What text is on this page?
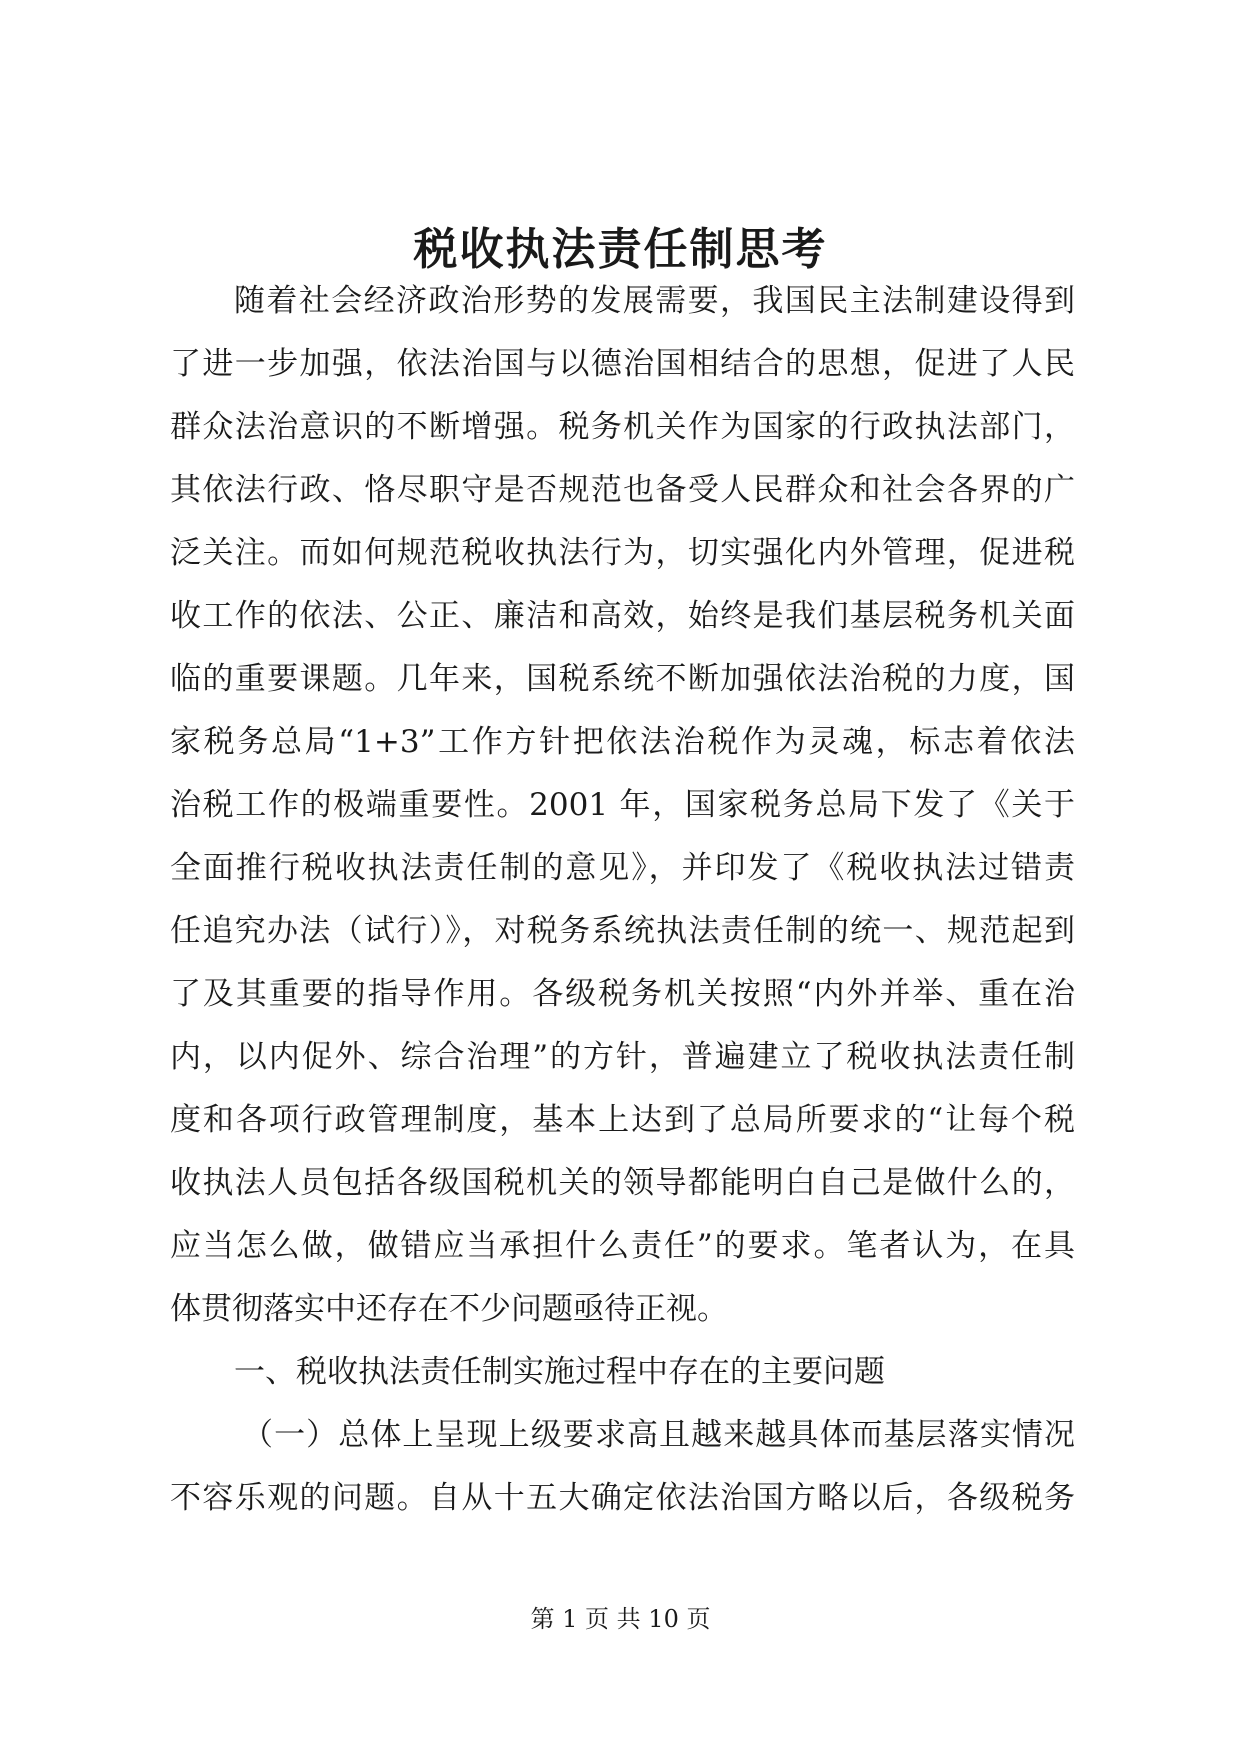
税收执法责任制思考
随着社会经济政治形势的发展需要，我国民主法制建设得到
了进一步加强，依法治国与以德治国相结合的思想，促进了人民
群众法治意识的不断增强。税务机关作为国家的行政执法部门，
其依法行政、恪尽职守是否规范也备受人民群众和社会各界的广
泛关注。而如何规范税收执法行为，切实强化内外管理，促进税
收工作的依法、公正、廉洁和高效，始终是我们基层税务机关面
临的重要课题。几年来，国税系统不断加强依法治税的力度，国
家税务总局“1+3”工作方针把依法治税作为灵魂，标志着依法
治税工作的极端重要性。2001 年，国家税务总局下发了《关于
全面推行税收执法责任制的意见》，并印发了《税收执法过错责
任追究办法（试行）》，对税务系统执法责任制的统一、规范起到
了及其重要的指导作用。各级税务机关按照“内外并举、重在治
内，以内促外、综合治理”的方针，普遍建立了税收执法责任制
度和各项行政管理制度，基本上达到了总局所要求的“让每个税
收执法人员包括各级国税机关的领导都能明白自己是做什么的，
应当怎么做，做错应当承担什么责任”的要求。笔者认为，在具
体贯彻落实中还存在不少问题亟待正视。
一、税收执法责任制实施过程中存在的主要问题
（一）总体上呈现上级要求高且越来越具体而基层落实情况
不容乐观的问题。自从十五大确定依法治国方略以后，各级税务
第 1 页 共 10 页
